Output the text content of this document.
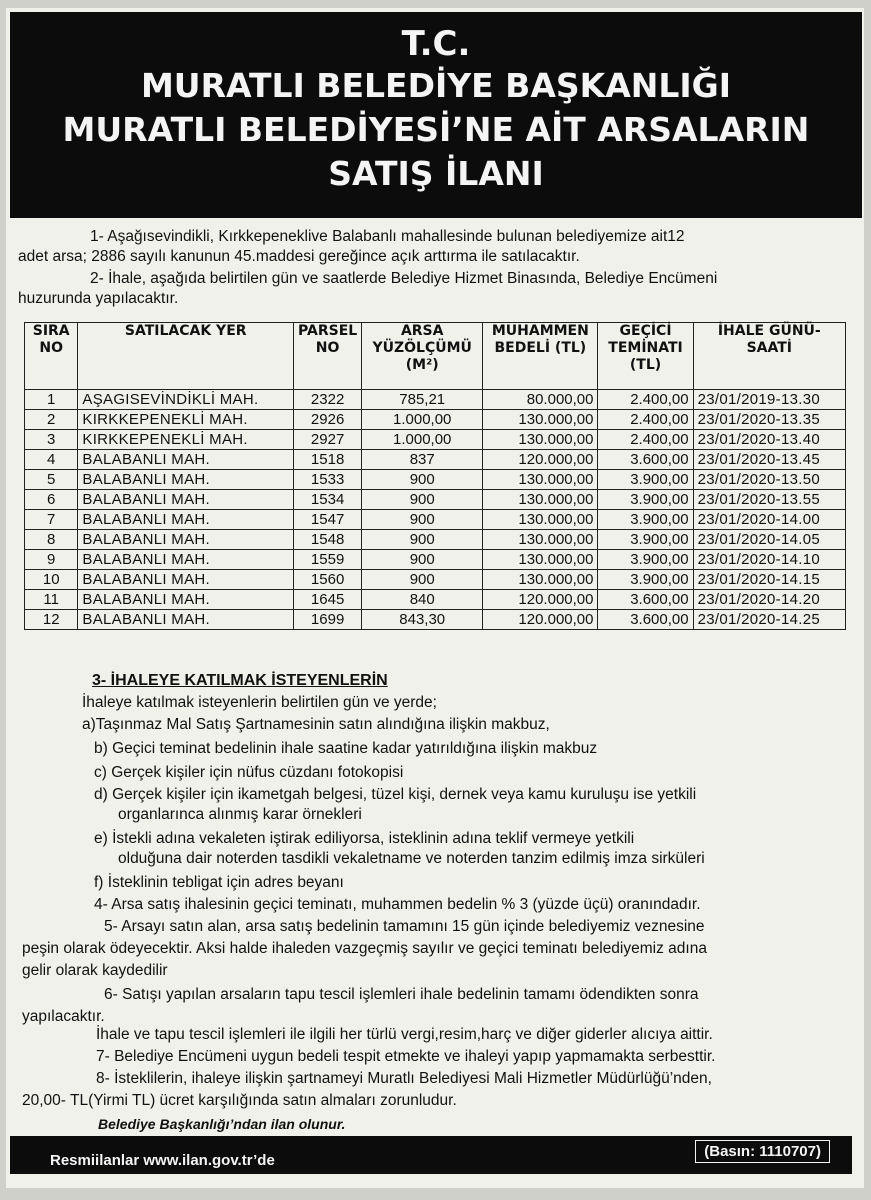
T.C.
MURATLI BELEDİYE BAŞKANLIĞI
MURATLI BELEDİYESİ’NE AİT ARSALARIN
SATIŞ İLANI
1- Aşağısevindikli, Kırkkepeneklive Balabanlı mahallesinde bulunan belediyemize ait12
adet arsa; 2886 sayılı kanunun 45.maddesi gereğince açık arttırma ile satılacaktır.
2- İhale, aşağıda belirtilen gün ve saatlerde Belediye Hizmet Binasında, Belediye Encümeni
huzurunda yapılacaktır.
SIRA NO	SATILACAK YER	PARSEL NO	ARSA YÜZÖLÇÜMÜ (M²)	MUHAMMEN BEDELİ (TL)	GEÇİCİ TEMİNATI (TL)	İHALE GÜNÜ-SAATİ
1	AŞAGISEVİNDİKLİ MAH.	2322	785,21	80.000,00	2.400,00	23/01/2019-13.30
2	KIRKKEPENEKLİ MAH.	2926	1.000,00	130.000,00	2.400,00	23/01/2020-13.35
3	KIRKKEPENEKLİ MAH.	2927	1.000,00	130.000,00	2.400,00	23/01/2020-13.40
4	BALABANLI MAH.	1518	837	120.000,00	3.600,00	23/01/2020-13.45
5	BALABANLI MAH.	1533	900	130.000,00	3.900,00	23/01/2020-13.50
6	BALABANLI MAH.	1534	900	130.000,00	3.900,00	23/01/2020-13.55
7	BALABANLI MAH.	1547	900	130.000,00	3.900,00	23/01/2020-14.00
8	BALABANLI MAH.	1548	900	130.000,00	3.900,00	23/01/2020-14.05
9	BALABANLI MAH.	1559	900	130.000,00	3.900,00	23/01/2020-14.10
10	BALABANLI MAH.	1560	900	130.000,00	3.900,00	23/01/2020-14.15
11	BALABANLI MAH.	1645	840	120.000,00	3.600,00	23/01/2020-14.20
12	BALABANLI MAH.	1699	843,30	120.000,00	3.600,00	23/01/2020-14.25
3- İHALEYE KATILMAK İSTEYENLERİN
İhaleye katılmak isteyenlerin belirtilen gün ve yerde;
a)Taşınmaz Mal Satış Şartnamesinin satın alındığına ilişkin makbuz,
b) Geçici teminat bedelinin ihale saatine kadar yatırıldığına ilişkin makbuz
c) Gerçek kişiler için nüfus cüzdanı fotokopisi
d) Gerçek kişiler için ikametgah belgesi, tüzel kişi, dernek veya kamu kuruluşu ise yetkili
organlarınca alınmış karar örnekleri
e) İstekli adına vekaleten iştirak ediliyorsa, isteklinin adına teklif vermeye yetkili
olduğuna dair noterden tasdikli vekaletname ve noterden tanzim edilmiş imza sirküleri
f) İsteklinin tebligat için adres beyanı
4- Arsa satış ihalesinin geçici teminatı, muhammen bedelin % 3 (yüzde üçü) oranındadır.
5- Arsayı satın alan, arsa satış bedelinin tamamını 15 gün içinde belediyemiz veznesine
peşin olarak ödeyecektir. Aksi halde ihaleden vazgeçmiş sayılır ve geçici teminatı belediyemiz adına
gelir olarak kaydedilir
6- Satışı yapılan arsaların tapu tescil işlemleri ihale bedelinin tamamı ödendikten sonra
yapılacaktır.
İhale ve tapu tescil işlemleri ile ilgili her türlü vergi,resim,harç ve diğer giderler alıcıya aittir.
7- Belediye Encümeni uygun bedeli tespit etmekte ve ihaleyi yapıp yapmamakta serbesttir.
8- İsteklilerin, ihaleye ilişkin şartnameyi Muratlı Belediyesi Mali Hizmetler Müdürlüğü’nden,
20,00- TL(Yirmi TL) ücret karşılığında satın almaları zorunludur.
Belediye Başkanlığı’ndan ilan olunur.
Resmiilanlar www.ilan.gov.tr’de
(Basın: 1110707)
